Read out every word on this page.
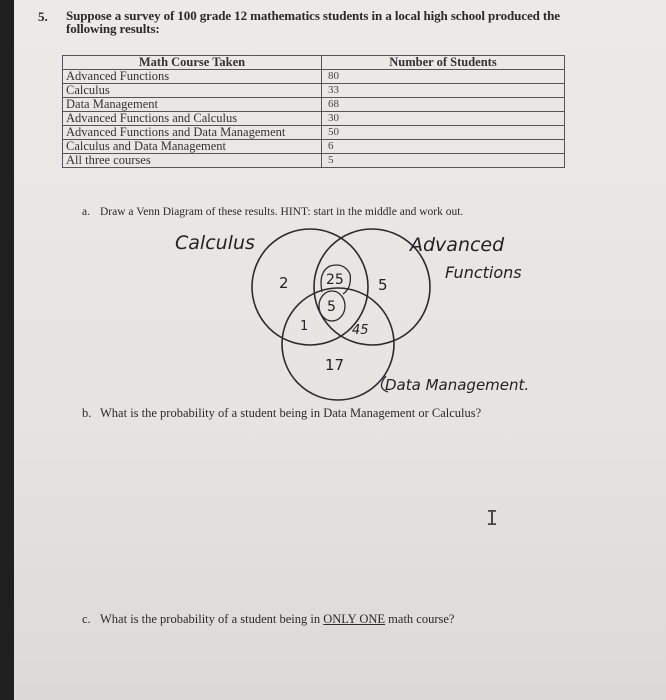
5. Suppose a survey of 100 grade 12 mathematics students in a local high school produced the following results:
Math Course Taken	Number of Students
Advanced Functions	80
Calculus	33
Data Management	68
Advanced Functions and Calculus	30
Advanced Functions and Data Management	50
Calculus and Data Management	6
All three courses	5
a. Draw a Venn Diagram of these results. HINT: start in the middle and work out.
Calculus	Advanced
Functions
Data Management.
2	25 5
5
1	45
17
b. What is the probability of a student being in Data Management or Calculus?
I
c. What is the probability of a student being in ONLY ONE math course?
